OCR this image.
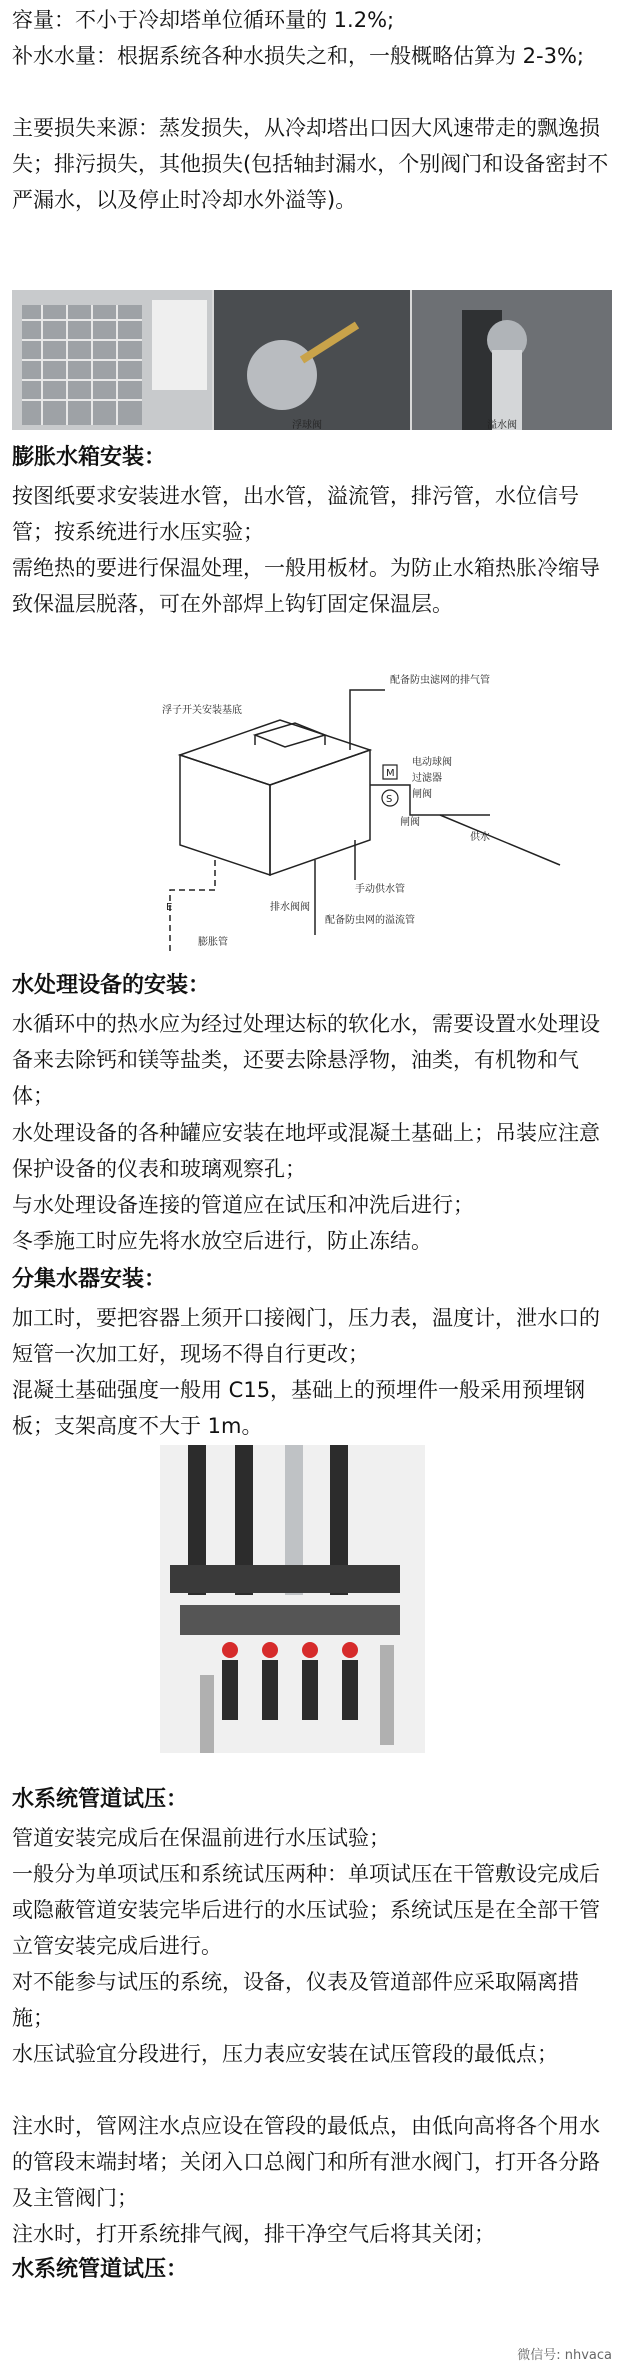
容量：不小于冷却塔单位循环量的 1.2%;

补水水量：根据系统各种水损失之和，一般概略估算为 2-3%;

主要损失来源：蒸发损失，从冷却塔出口因大风速带走的飘逸损失；排污损失，其他损失(包括轴封漏水，个别阀门和设备密封不严漏水，以及停止时冷却水外溢等)。

浮球阀	溢水阀
膨胀水箱安装：

按图纸要求安装进水管，出水管，溢流管，排污管，水位信号管；按系统进行水压实验；

需绝热的要进行保温处理，一般用板材。为防止水箱热胀冷缩导致保温层脱落，可在外部焊上钩钉固定保温层。

配备防虫滤网的排气管
浮子开关安装基底
电动球阀
过滤器
闸阀
闸阀
供水
手动供水管
排水阀阀
配备防虫网的溢流管
膨胀管
M
S
E
水处理设备的安装：

水循环中的热水应为经过处理达标的软化水，需要设置水处理设备来去除钙和镁等盐类，还要去除悬浮物，油类，有机物和气体；

水处理设备的各种罐应安装在地坪或混凝土基础上；吊装应注意保护设备的仪表和玻璃观察孔；

与水处理设备连接的管道应在试压和冲洗后进行；

冬季施工时应先将水放空后进行，防止冻结。

分集水器安装：

加工时，要把容器上须开口接阀门，压力表，温度计，泄水口的短管一次加工好，现场不得自行更改；

混凝土基础强度一般用 C15，基础上的预埋件一般采用预埋钢板；支架高度不大于 1m。

水系统管道试压：

管道安装完成后在保温前进行水压试验；

一般分为单项试压和系统试压两种：单项试压在干管敷设完成后或隐蔽管道安装完毕后进行的水压试验；系统试压是在全部干管立管安装完成后进行。

对不能参与试压的系统，设备，仪表及管道部件应采取隔离措施；

水压试验宜分段进行，压力表应安装在试压管段的最低点；

注水时，管网注水点应设在管段的最低点，由低向高将各个用水的管段末端封堵；关闭入口总阀门和所有泄水阀门，打开各分路及主管阀门；

注水时，打开系统排气阀，排干净空气后将其关闭；

水系统管道试压：
微信号: nhvaca
